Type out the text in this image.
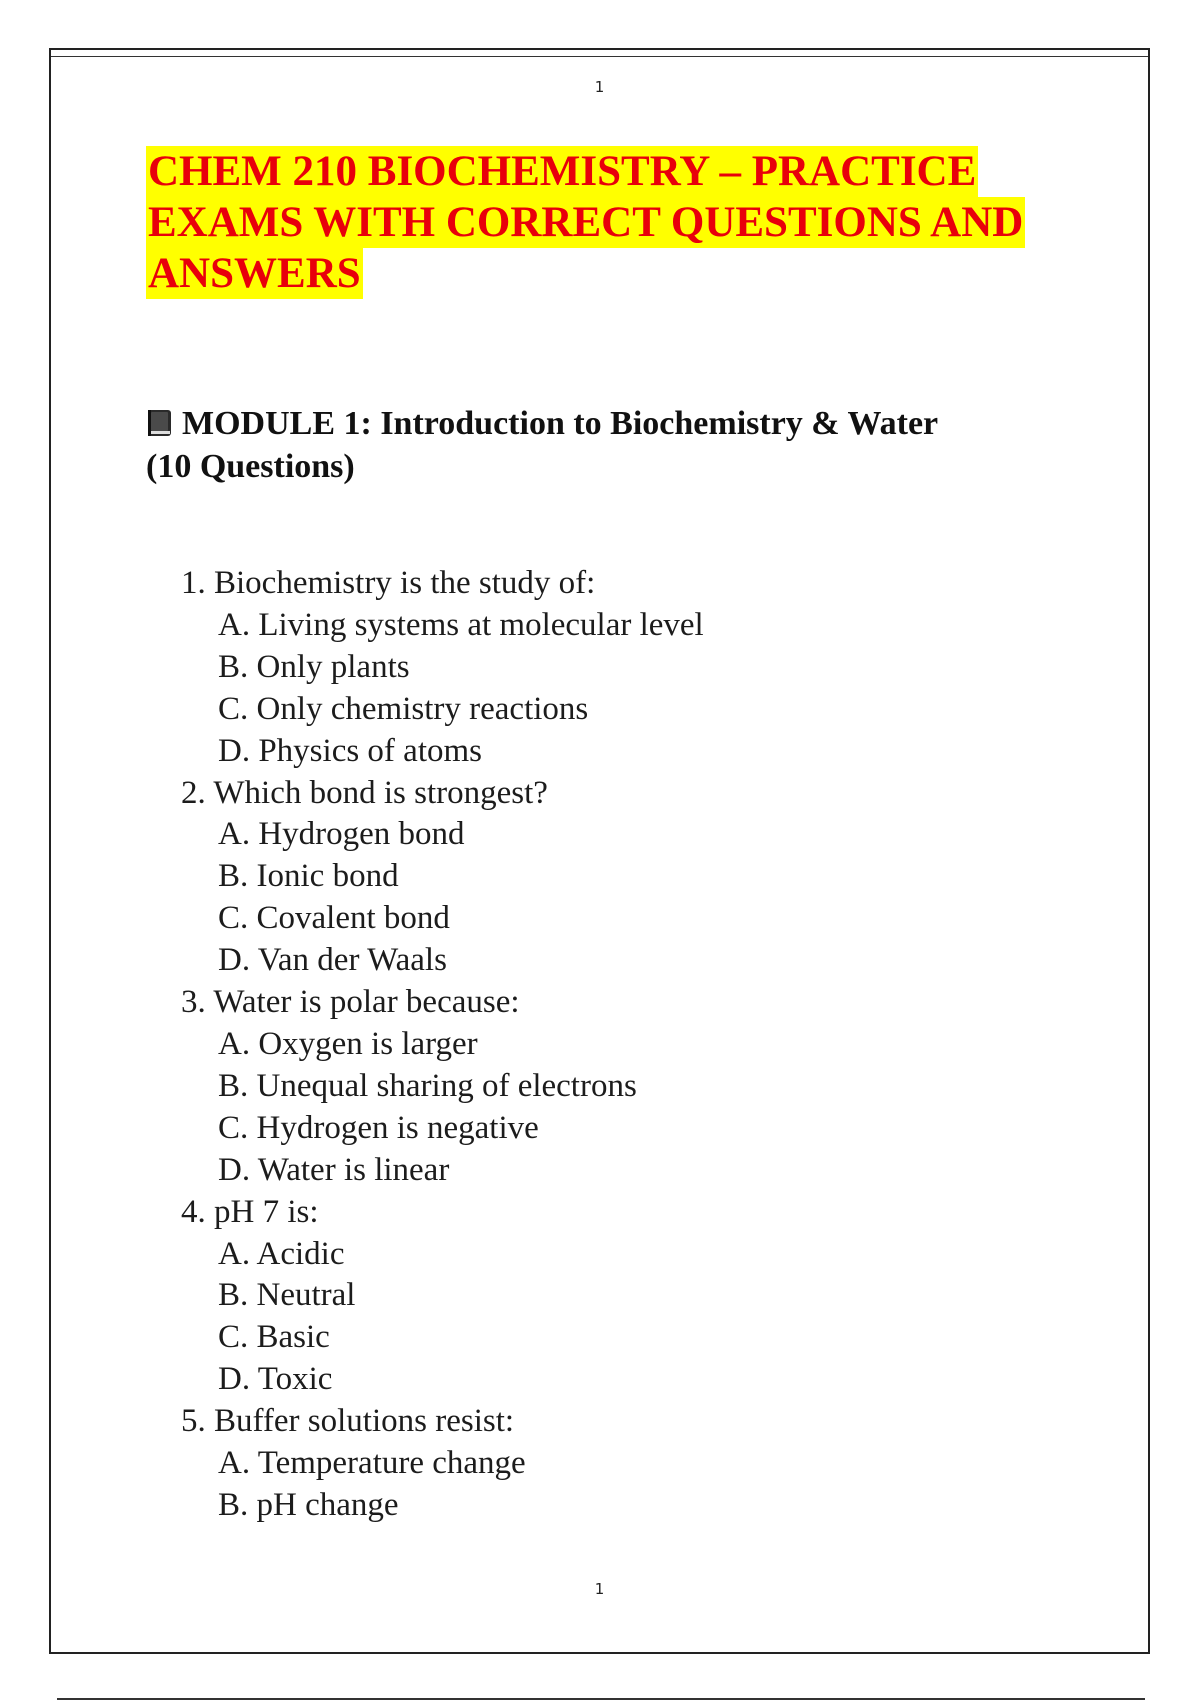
1
CHEM 210 BIOCHEMISTRY – PRACTICE
EXAMS WITH CORRECT QUESTIONS AND
ANSWERS
MODULE 1: Introduction to Biochemistry & Water
(10 Questions)
1. Biochemistry is the study of:
A. Living systems at molecular level
B. Only plants
C. Only chemistry reactions
D. Physics of atoms
2. Which bond is strongest?
A. Hydrogen bond
B. Ionic bond
C. Covalent bond
D. Van der Waals
3. Water is polar because:
A. Oxygen is larger
B. Unequal sharing of electrons
C. Hydrogen is negative
D. Water is linear
4. pH 7 is:
A. Acidic
B. Neutral
C. Basic
D. Toxic
5. Buffer solutions resist:
A. Temperature change
B. pH change
1
